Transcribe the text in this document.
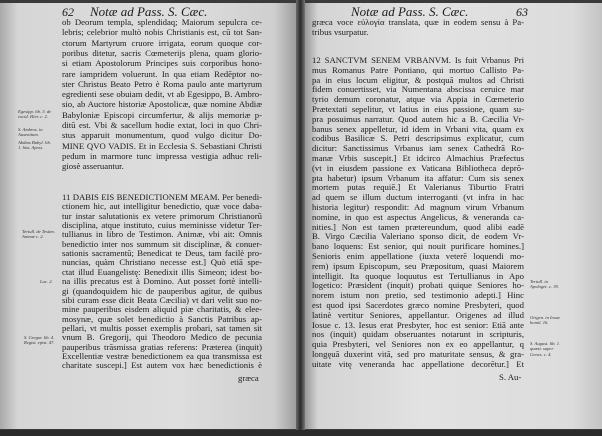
62 Notæ ad Pass. S. Cæc.
ob Deorum templa, splendidaq; Maiorum sepulcra ce-
lebris; celebrior multò nobis Christianis est, cū tot San-
ctorum Martyrum cruore irrigata, eorum quoque cor-
poribus ditetur, sacris Cœmeterijs plena, quam glorio-
si etiam Apostolorum Principes suis corporibus hono-
rare iampridem voluerunt. In qua etiam Redēptor no-
ster Christus Beato Petro è Roma paulo ante martyrum
egredienti sese obuiam dedit, vt ab Egesippo, B. Ambro-
sio, ab Auctore historiæ Apostolicæ, quæ nomine Abdiæ
Babyloniæ Episcopi circumfertur, & alijs memoriæ p-
ditū est. Vbi & sacellum hodie extat, loci in quo Chri-
stus apparuit monumentum, quod vulgo dicitur Do-
MINE QVO VADIS. Et in Ecclesia S. Sebastiani Christi
pedum in marmore tunc impressa vestigia adhuc reli-
giosè asseruantur.
11 DABIS EIS BENEDICTIONEM MEAM. Per benedi-
ctionem hic, aut intelligitur benedictio, quæ voce daba-
tur instar salutationis ex vetere primorum Christianorū
disciplina, atque instituto, cuius meminisse videtur Ter-
tullianus in libro de Testimon. Animæ, vbi ait: Omnis
benedictio inter nos summum sit disciplinæ, & conuer-
sationis sacramentū; Benedicat te Deus, tam facilè pro-
nuncias, quàm Christiano necesse est.] Quò etiā spe-
ctat illud Euangelistę: Benedixit illis Simeon; idest bo-
na illis precatus est à Domino. Aut posset fortè intelli-
gi (quandoquidem hic de pauperibus agitur, de quibus
sibi curam esse dicit Beata Cæcilia) vt dari velit suo no-
mine pauperibus eisdem aliquid piæ charitatis, & elee-
mosynæ, quæ solet benedictio à Sanctis Patribus ap-
pellari, vt multis posset exemplis probari, sat tamen sit
vnum B. Gregorij, qui Theodoro Medico de pecunia
pauperibus trāsmissa gratias referens: Præterea (inquit)
Excellentiæ vestræ benedictionem ea qua transmissa est
charitate suscepi.] Est autem vox hæc benedictionis è
græca
Egesipp. lib. 3. de excid. Hier. c. 2.
S. Ambros. in Auxentium.
Abdias Babyl. lib. 1. hist. Apost.
Tertull. de Testim. Animæ c. 2.
Luc. 2.
S. Gregor. lib. 4. Regist. epist. 47.
Notæ ad Pass. S. Cæc.	63
græca voce εὐλογία translata, quæ in eodem sensu à Pa-
tribus vsurpatur.
12 SANCTVM SENEM VRBANVM. Is fuit Vrbanus Pri
mus Romanus Patre Pontiano, qui mortuo Callisto Pa-
pa in eius locum eligitur, & postquā multos ad Christi
fidem conuertisset, via Numentana abscissa ceruice mar
tyrio demum coronatur, atque via Appia in Cœmeterio
Prætextati sepelitur, vt latius in eius passione, quam su-
pra posuimus narratur. Quod autem hic a B. Cæcilia Vr-
banus senex appelletur, id idem in Vrbani vita, quam ex
codibus Basilicæ S. Petri descripsimus explicatur, cum
dicitur: Sanctissimus Vrbanus iam senex Cathedrā Ro-
manæ Vrbis suscepit.] Et idcirco Almachius Præfectus
(vt in eiusdem passione ex Vaticana Bibliotheca deprō-
pta habetur) ipsum Vrbanum ita affatur: Cum sis senex
mortem putas requiē.] Et Valerianus Tiburtio Fratri
ad quem se illum ductum interroganti (vt infra in hac
historia legitur) respondit: Ad magnum virum Vrbanum
nomine, in quo est aspectus Angelicus, & veneranda ca-
nities.] Non est tamen prætereundum, quod alibi eadē
B. Virgo Cæcilia Valeriano sponso dicit, de eodem Vr-
bano loquens: Est senior, qui nouit purificare homines.]
Senioris enim appellatione (iuxta veterē loquendi mo-
rem) ipsum Episcopum, seu Præpositum, quasi Maiorem
intelligit. Ita quoque loquutus est Tertullianus in Apo
logetico: Præsident (inquit) probati quique Seniores ho-
norem istum non pretio, sed testimonio adepti.] Hinc
est quod ipsi Sacerdotes græco nomine Presbyteri, quod
latinè vertitur Seniores, appellantur. Origenes ad illud
Iosue c. 13. Iesus erat Presbyter, hoc est senior: Etiā ante
nos (inquit) quidam obseruantes notarunt in scripturis,
quia Presbyteri, vel Seniores non ex eo appellantur, q
longęuā duxerint vitā, sed pro maturitate sensus, & gra-
uitate vitę veneranda hac appellatione decorētur.] Et
S. Au-
Tertull. in Apologet. c. 39.
Origen. in Iosue homil. 16.
S. August. lib. 1. quæst. super Genes. c. 4.
